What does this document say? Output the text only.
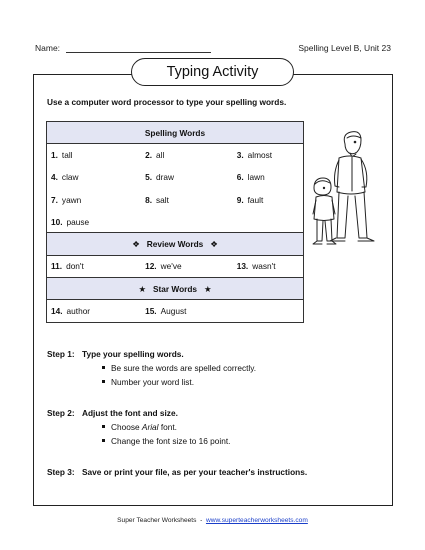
Name:	Spelling Level B, Unit 23
Typing Activity
Use a computer word processor to type your spelling words.
Spelling Words		
1. tall	2. all	3. almost
4. claw	5. draw	6. lawn
7. yawn	8. salt	9. fault
10. pause		
❖ Review Words ❖		
11. don't	12. we've	13. wasn't
★ Star Words ★		
14. author	15. August	
Step 1: Type your spelling words.
Be sure the words are spelled correctly.
Number your word list.
Step 2: Adjust the font and size.
Choose Arial font.
Change the font size to 16 point.
Step 3: Save or print your file, as per your teacher's instructions.
Super Teacher Worksheets  -  www.superteacherworksheets.com
